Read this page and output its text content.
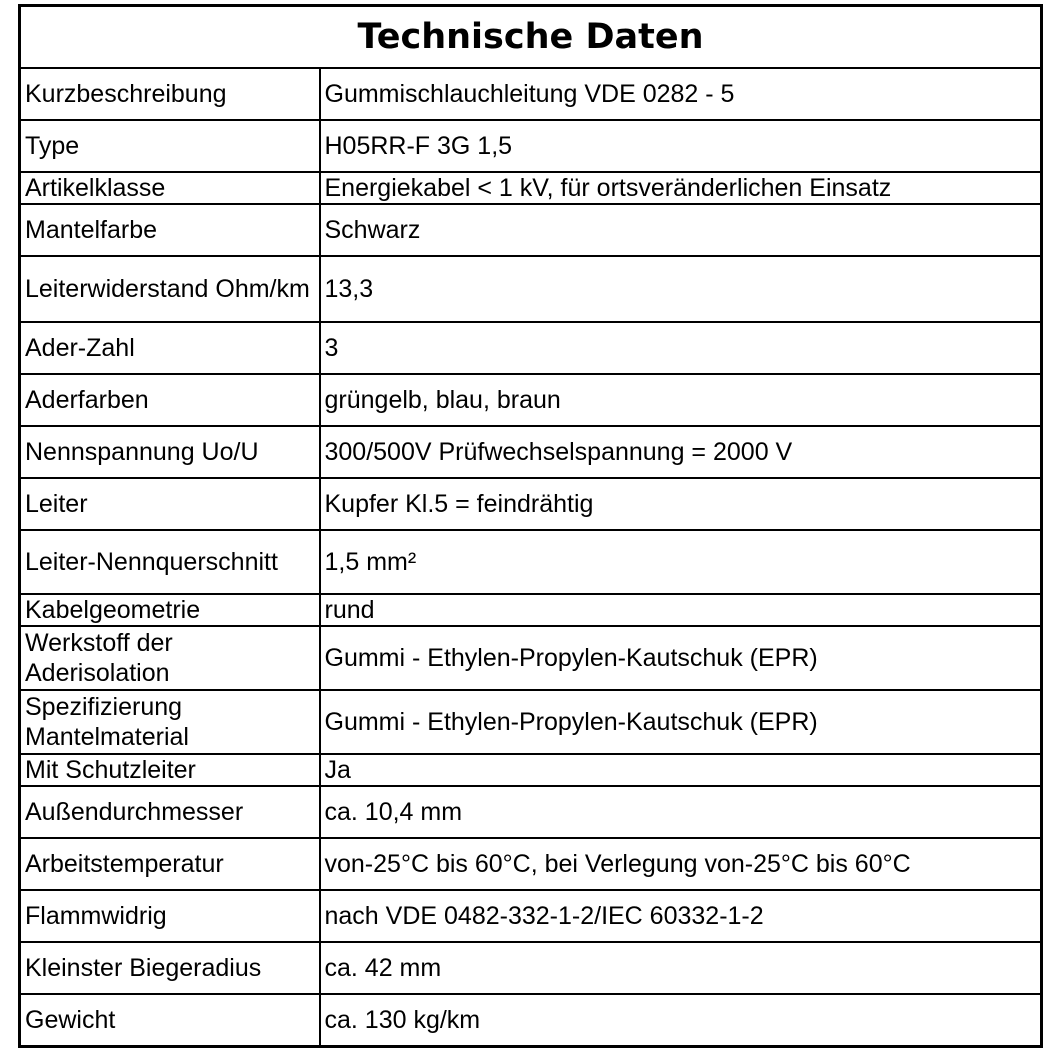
Technische Daten	
Kurzbeschreibung	Gummischlauchleitung VDE 0282 - 5
Type	H05RR-F 3G 1,5
Artikelklasse	Energiekabel < 1 kV, für ortsveränderlichen Einsatz
Mantelfarbe	Schwarz
Leiterwiderstand Ohm/km	13,3
Ader-Zahl	3
Aderfarben	grüngelb, blau, braun
Nennspannung Uo/U	300/500V Prüfwechselspannung = 2000 V
Leiter	Kupfer Kl.5 = feindrähtig
Leiter-Nennquerschnitt	1,5 mm²
Kabelgeometrie	rund
Werkstoff der Aderisolation	Gummi - Ethylen-Propylen-Kautschuk (EPR)
Spezifizierung Mantelmaterial	Gummi - Ethylen-Propylen-Kautschuk (EPR)
Mit Schutzleiter	Ja
Außendurchmesser	ca. 10,4 mm
Arbeitstemperatur	von-25°C bis 60°C, bei Verlegung von-25°C bis 60°C
Flammwidrig	nach VDE 0482-332-1-2/IEC 60332-1-2
Kleinster Biegeradius	ca. 42 mm
Gewicht	ca. 130 kg/km
